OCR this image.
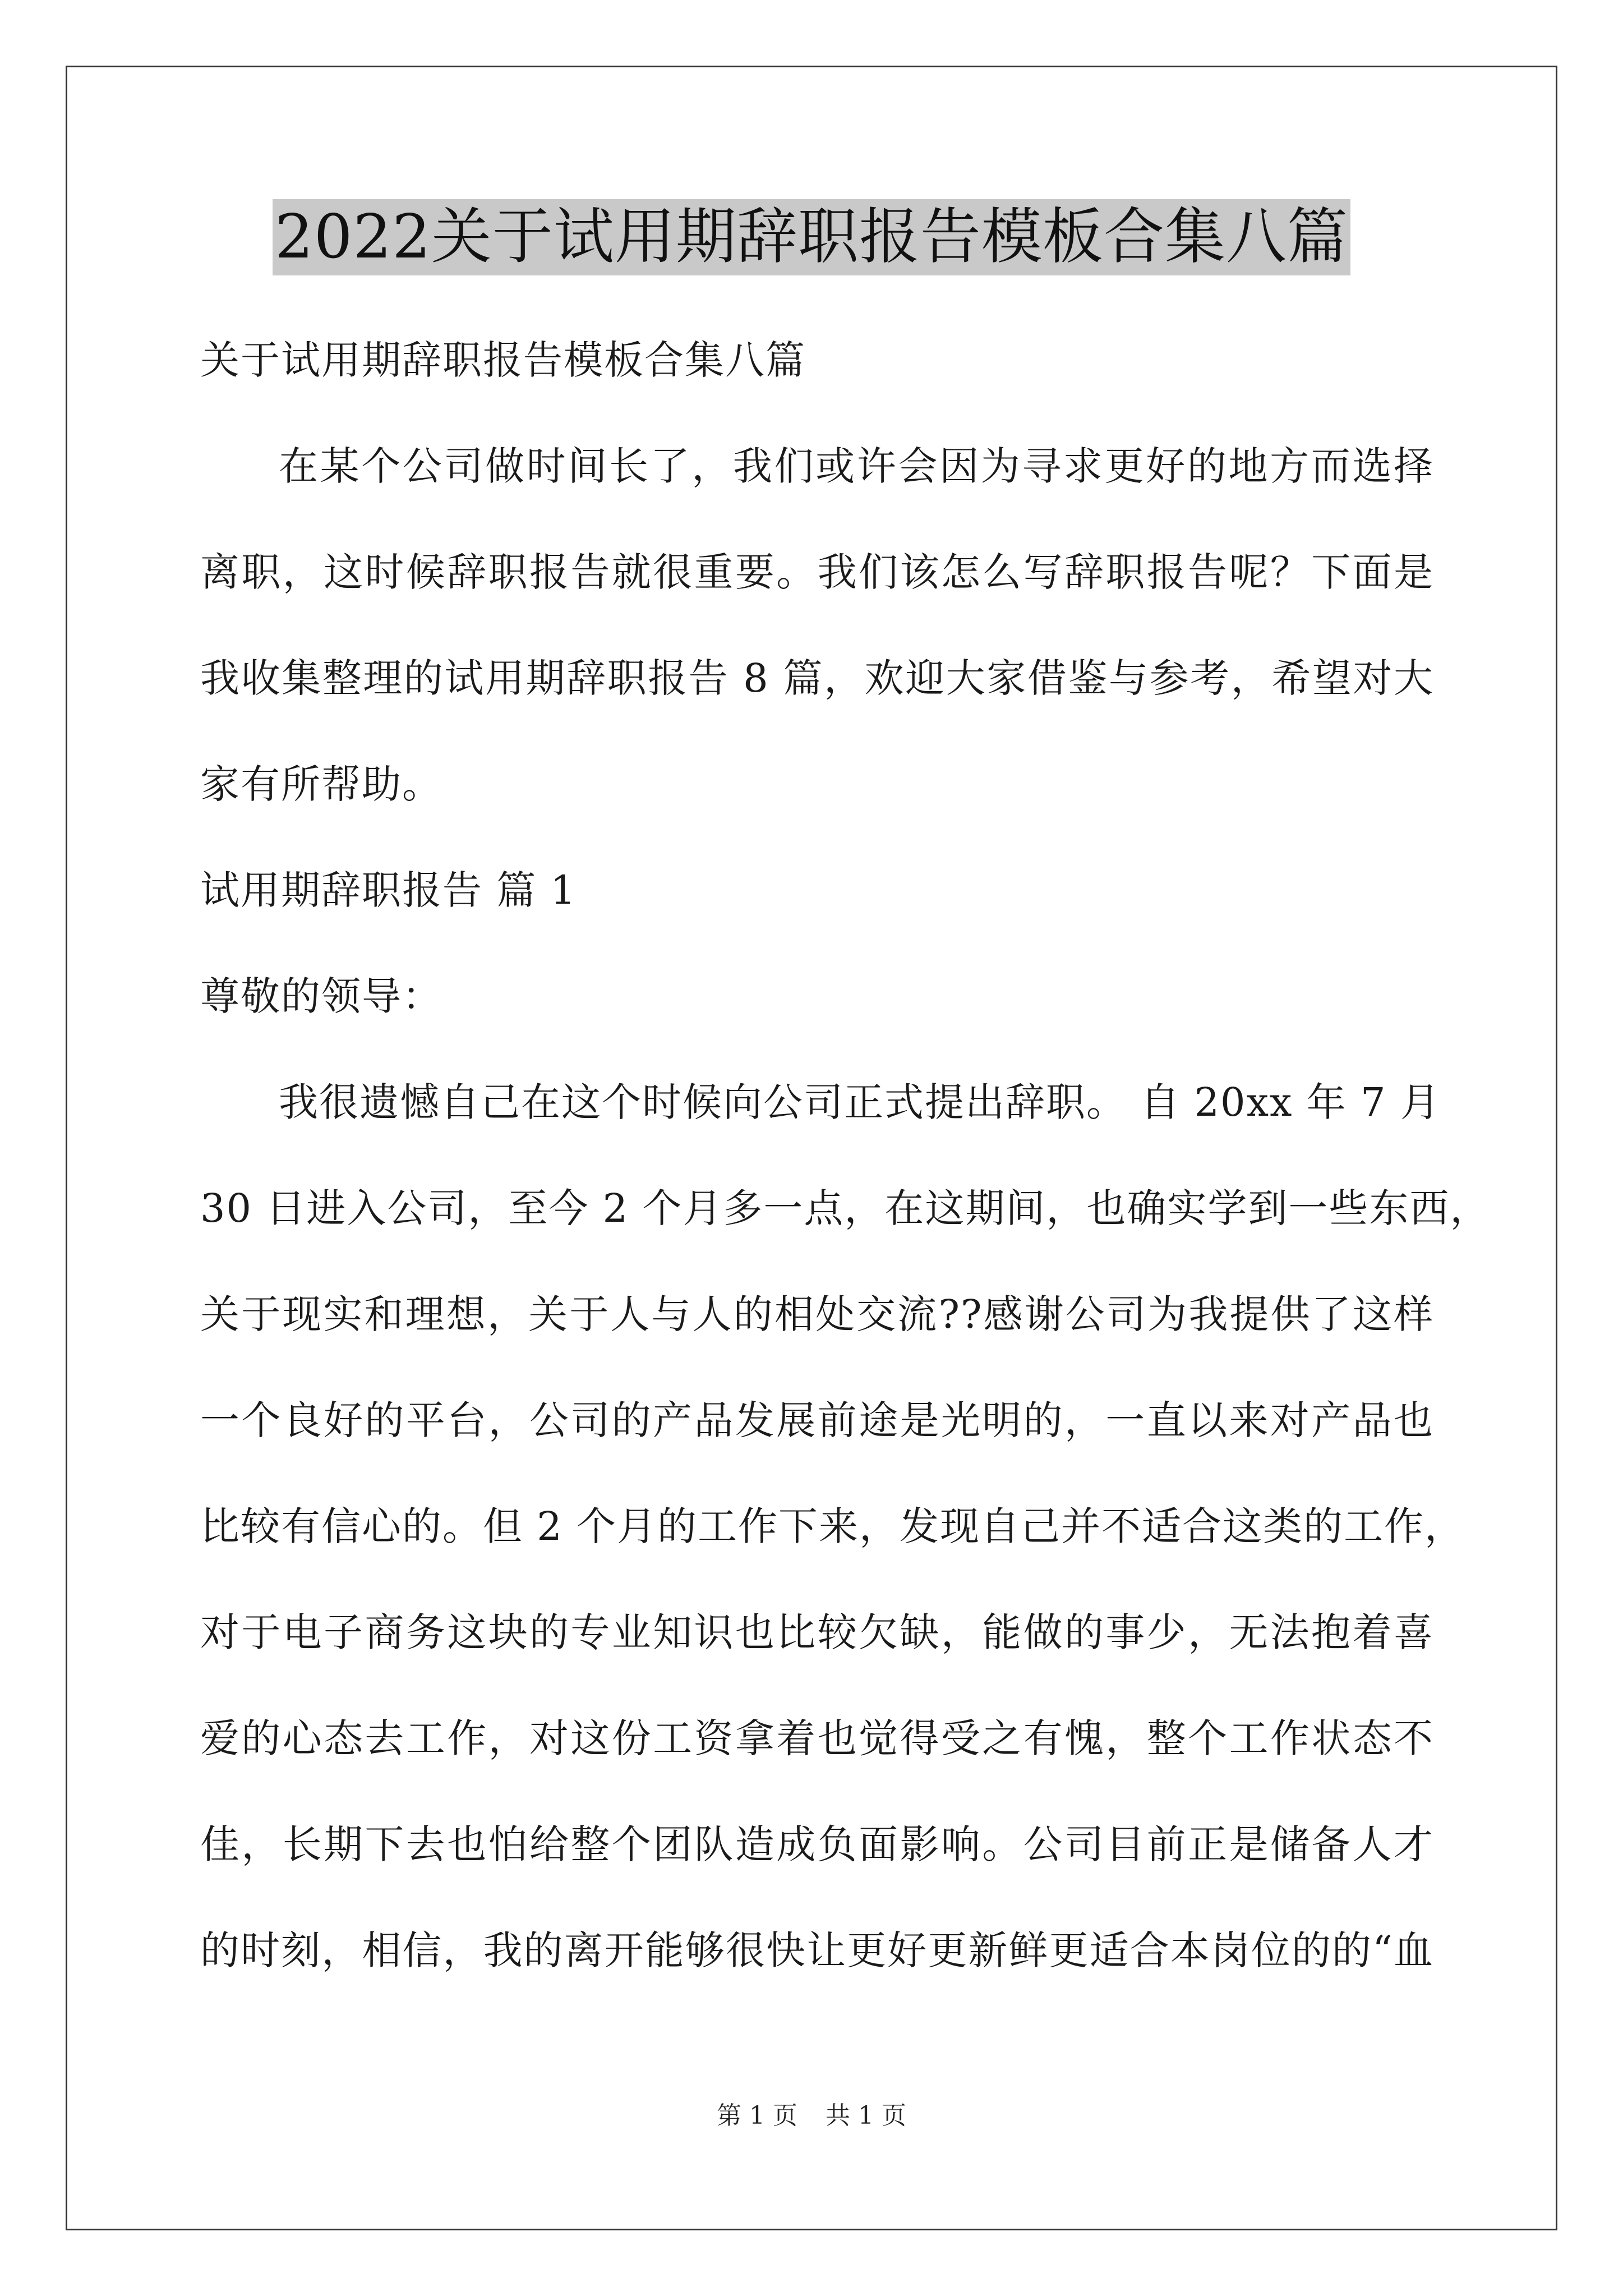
2022关于试用期辞职报告模板合集八篇
关于试用期辞职报告模板合集八篇
在某个公司做时间长了，我们或许会因为寻求更好的地方而选择
离职，这时候辞职报告就很重要。我们该怎么写辞职报告呢？下面是
我收集整理的试用期辞职报告 8 篇，欢迎大家借鉴与参考，希望对大
家有所帮助。
试用期辞职报告 篇 1
尊敬的领导：
我很遗憾自己在这个时候向公司正式提出辞职。 自 20xx 年 7 月
30 日进入公司，至今 2 个月多一点，在这期间，也确实学到一些东西，
关于现实和理想，关于人与人的相处交流??感谢公司为我提供了这样
一个良好的平台，公司的产品发展前途是光明的，一直以来对产品也
比较有信心的。但 2 个月的工作下来，发现自己并不适合这类的工作，
对于电子商务这块的专业知识也比较欠缺，能做的事少，无法抱着喜
爱的心态去工作，对这份工资拿着也觉得受之有愧，整个工作状态不
佳，长期下去也怕给整个团队造成负面影响。公司目前正是储备人才
的时刻，相信，我的离开能够很快让更好更新鲜更适合本岗位的的“血
第 1 页 共 1 页
